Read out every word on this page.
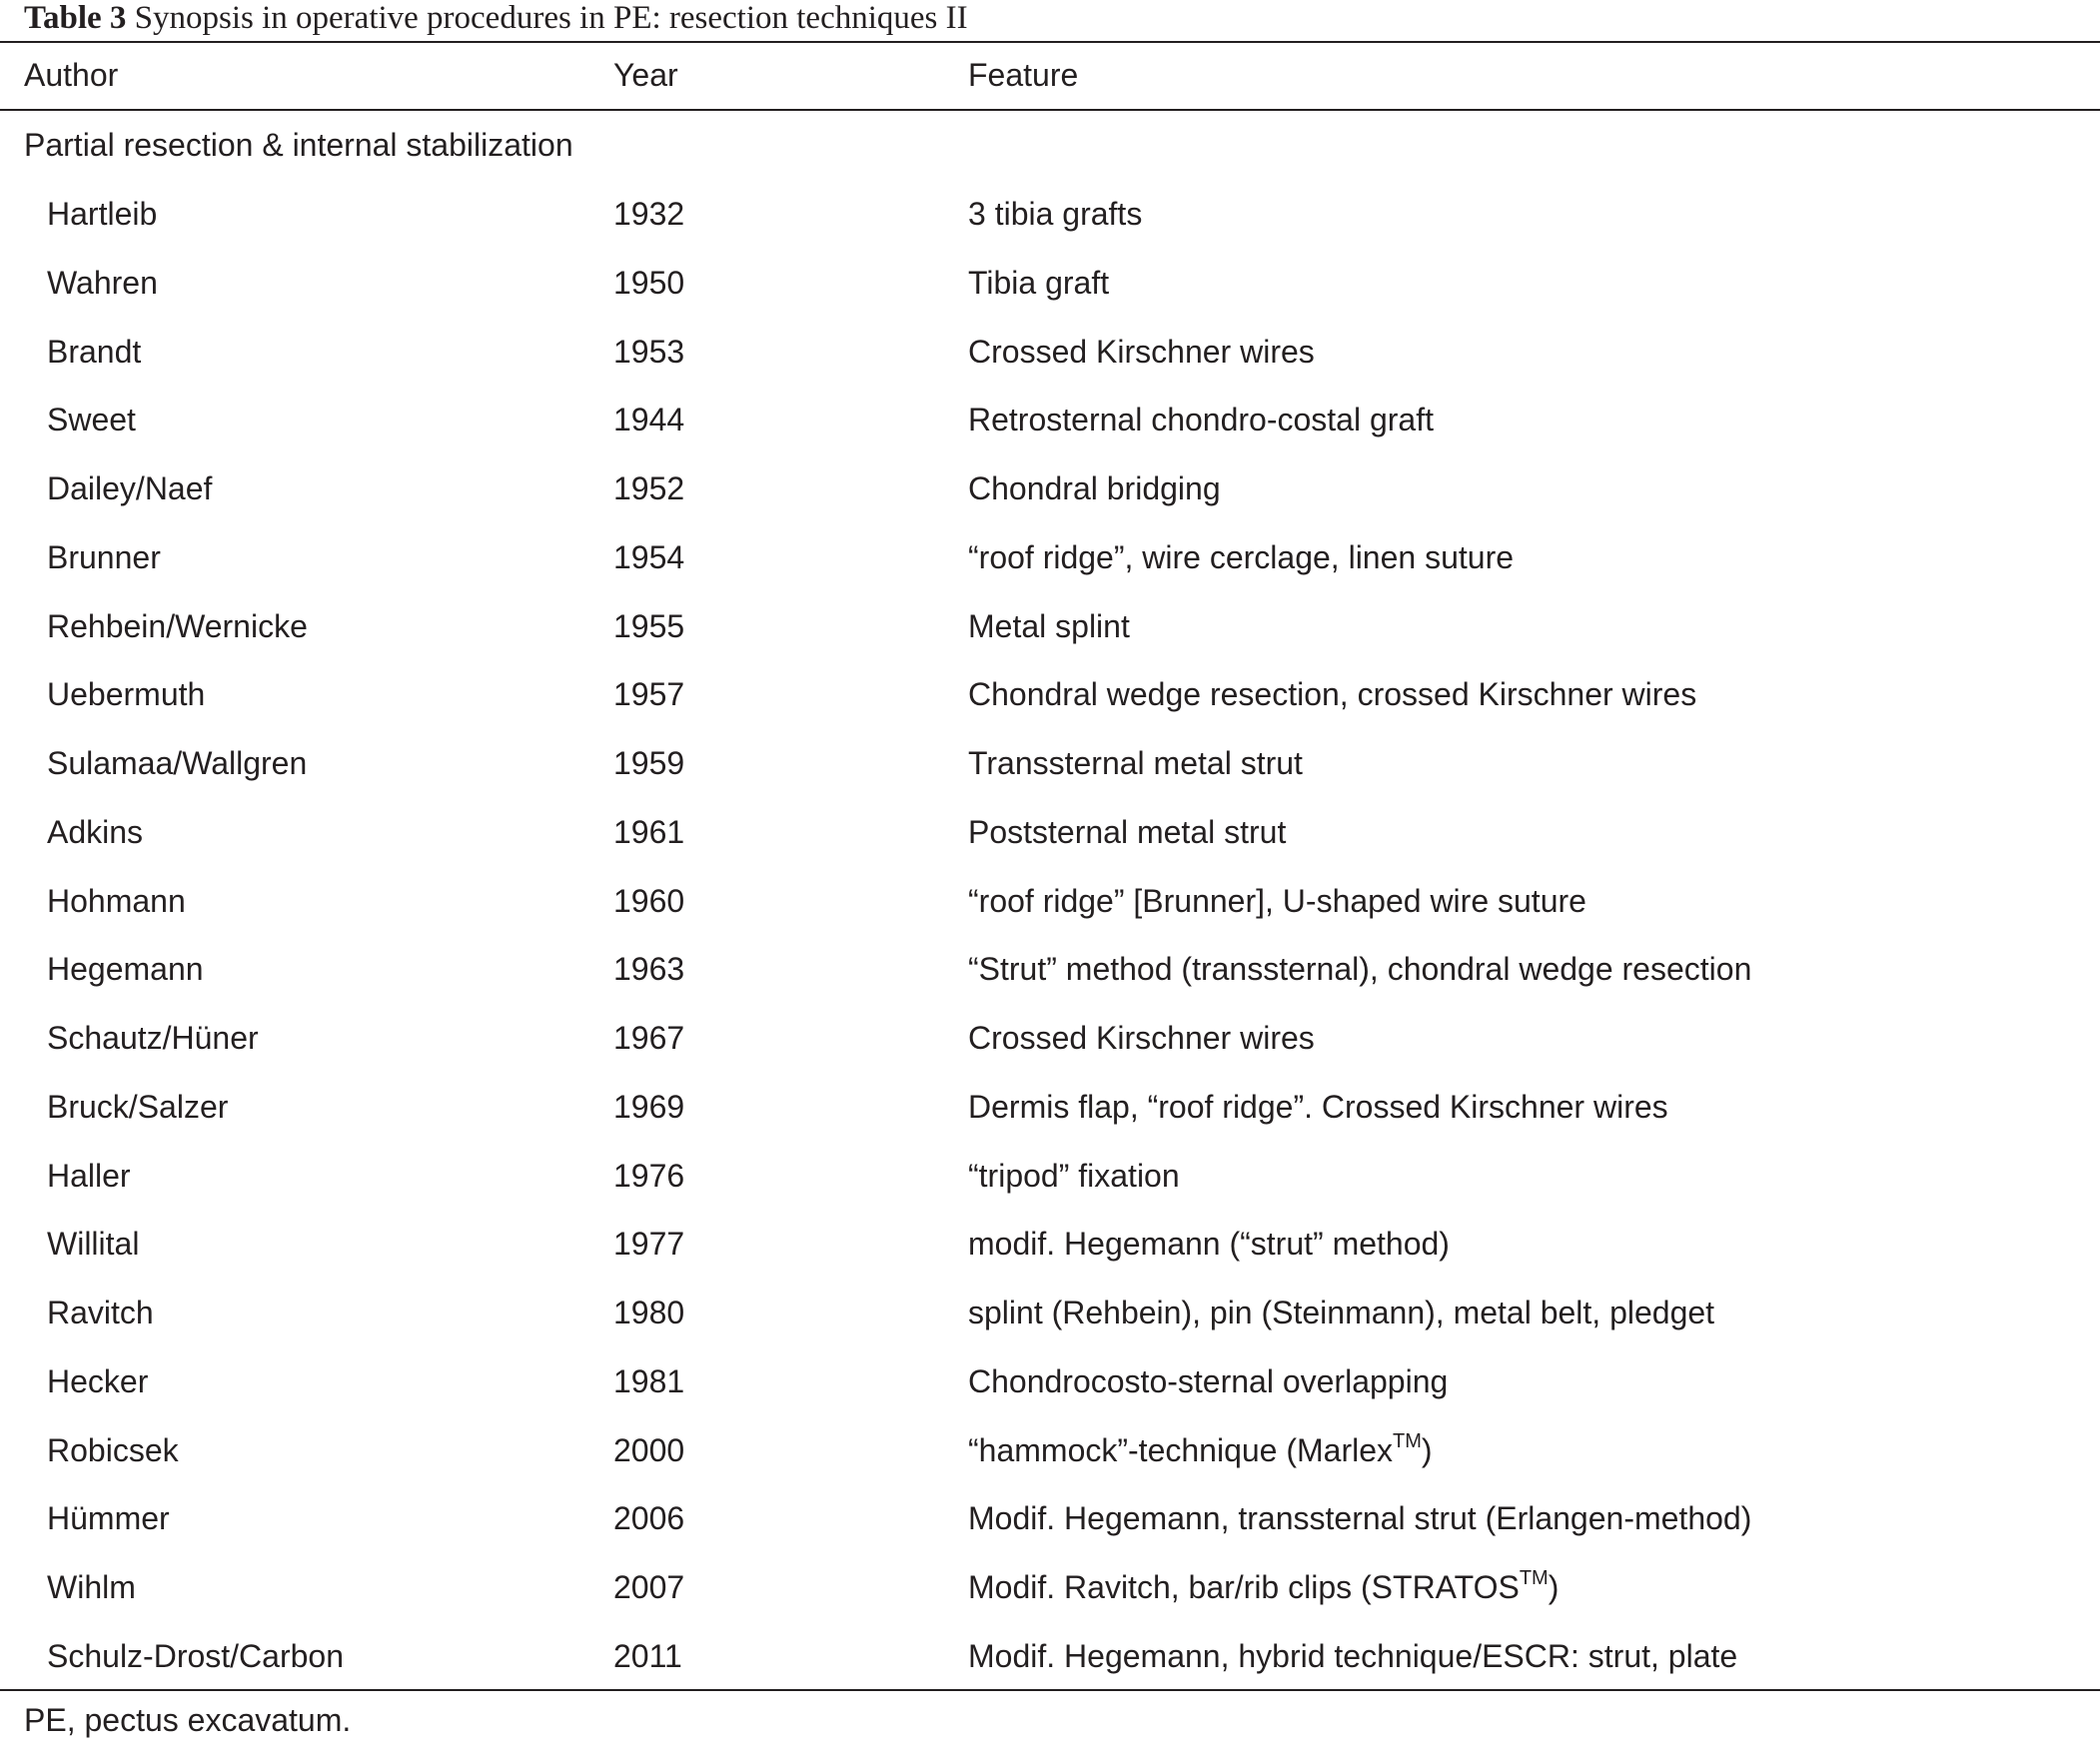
Table 3 Synopsis in operative procedures in PE: resection techniques II
Author	Year	Feature
Partial resection & internal stabilization
Hartleib	1932	3 tibia grafts
Wahren	1950	Tibia graft
Brandt	1953	Crossed Kirschner wires
Sweet	1944	Retrosternal chondro-costal graft
Dailey/Naef	1952	Chondral bridging
Brunner	1954	“roof ridge”, wire cerclage, linen suture
Rehbein/Wernicke	1955	Metal splint
Uebermuth	1957	Chondral wedge resection, crossed Kirschner wires
Sulamaa/Wallgren	1959	Transsternal metal strut
Adkins	1961	Poststernal metal strut
Hohmann	1960	“roof ridge” [Brunner], U-shaped wire suture
Hegemann	1963	“Strut” method (transsternal), chondral wedge resection
Schautz/Hüner	1967	Crossed Kirschner wires
Bruck/Salzer	1969	Dermis flap, “roof ridge”. Crossed Kirschner wires
Haller	1976	“tripod” fixation
Willital	1977	modif. Hegemann (“strut” method)
Ravitch	1980	splint (Rehbein), pin (Steinmann), metal belt, pledget
Hecker	1981	Chondrocosto-sternal overlapping
Robicsek	2000	“hammock”-technique (Marlex™)
Hümmer	2006	Modif. Hegemann, transsternal strut (Erlangen-method)
Wihlm	2007	Modif. Ravitch, bar/rib clips (STRATOS™)
Schulz-Drost/Carbon	2011	Modif. Hegemann, hybrid technique/ESCR: strut, plate
PE, pectus excavatum.
